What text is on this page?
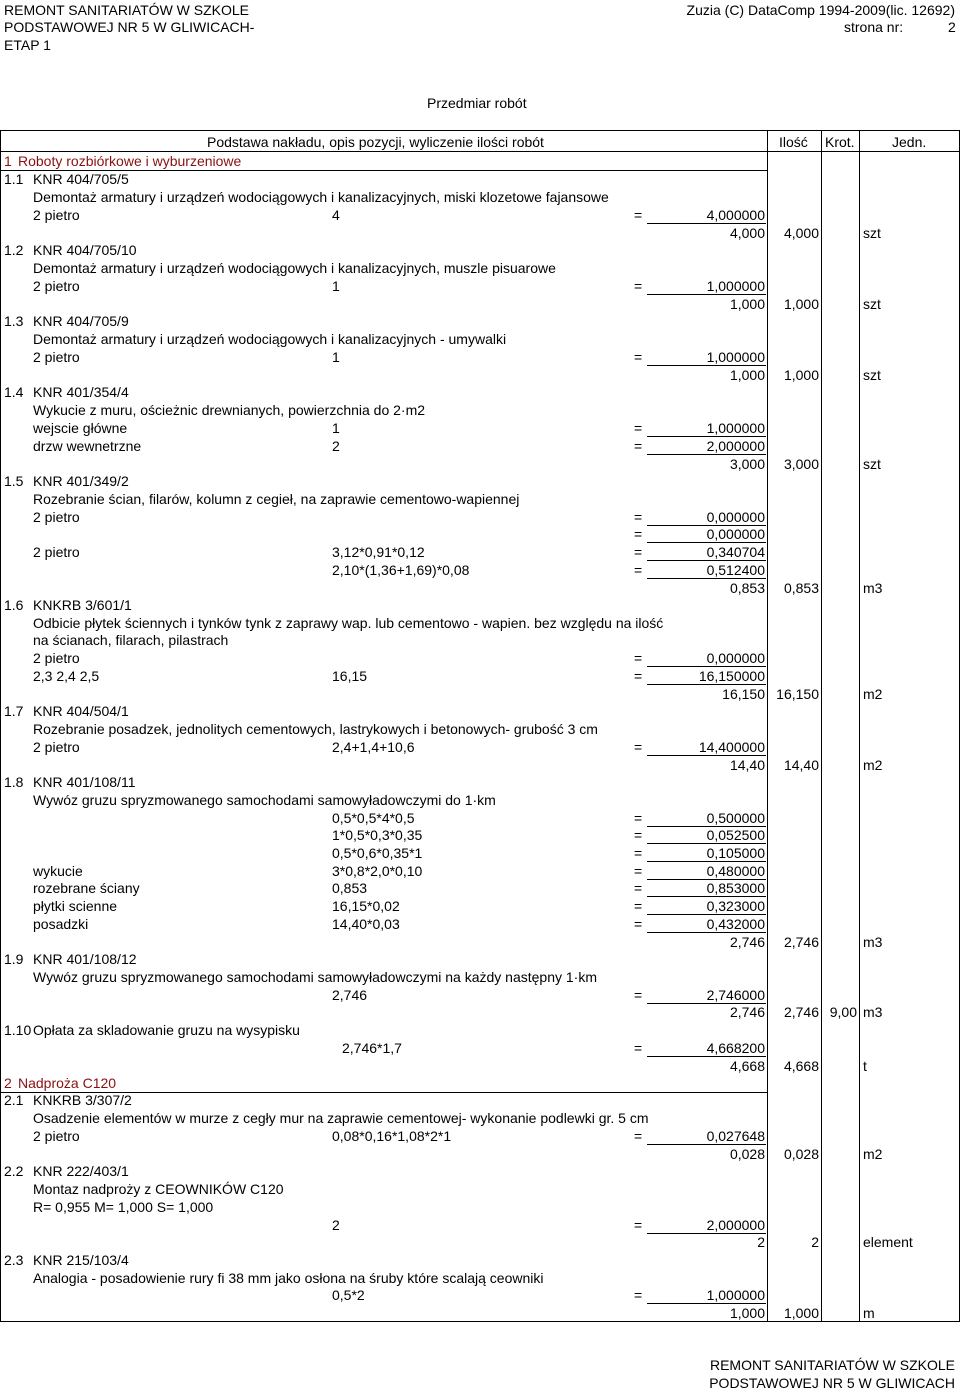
REMONT SANITARIATÓW W SZKOLE
PODSTAWOWEJ NR 5 W GLIWICACH-
ETAP 1
Zuzia (C) DataComp 1994-2009(lic. 12692)
strona nr:	2
Przedmiar robót
Podstawa nakładu, opis pozycji, wyliczenie ilości robót	Ilość Krot.	Jedn.
1 Roboty rozbiórkowe i wyburzeniowe
1.1 KNR 404/705/5
Demontaż armatury i urządzeń wodociągowych i kanalizacyjnych, miski klozetowe fajansowe
2 pietro	4	=	4,000000
4,000 4,000	szt
1.2 KNR 404/705/10
Demontaż armatury i urządzeń wodociągowych i kanalizacyjnych, muszle pisuarowe
2 pietro	1	=	1,000000
1,000 1,000	szt
1.3 KNR 404/705/9
Demontaż armatury i urządzeń wodociągowych i kanalizacyjnych - umywalki
2 pietro	1	=	1,000000
1,000 1,000	szt
1.4 KNR 401/354/4
Wykucie z muru, ościeżnic drewnianych, powierzchnia do 2·m2
wejscie główne	1	=	1,000000
drzw wewnetrzne	2	=	2,000000
3,000 3,000	szt
1.5 KNR 401/349/2
Rozebranie ścian, filarów, kolumn z cegieł, na zaprawie cementowo-wapiennej
2 pietro	=	0,000000
=	0,000000
2 pietro	3,12*0,91*0,12	=	0,340704
2,10*(1,36+1,69)*0,08	=	0,512400
0,853 0,853	m3
1.6 KNKRB 3/601/1
Odbicie płytek ściennych i tynków tynk z zaprawy wap. lub cementowo - wapien. bez względu na ilość
na ścianach, filarach, pilastrach
2 pietro	=	0,000000
2,3 2,4 2,5	16,15	=	16,150000
16,150 16,150	m2
1.7 KNR 404/504/1
Rozebranie posadzek, jednolitych cementowych, lastrykowych i betonowych- grubość 3 cm
2 pietro	2,4+1,4+10,6	=	14,400000
14,40 14,40	m2
1.8 KNR 401/108/11
Wywóz gruzu spryzmowanego samochodami samowyładowczymi do 1·km
0,5*0,5*4*0,5	=	0,500000
1*0,5*0,3*0,35	=	0,052500
0,5*0,6*0,35*1	=	0,105000
wykucie	3*0,8*2,0*0,10	=	0,480000
rozebrane ściany	0,853	=	0,853000
płytki scienne	16,15*0,02	=	0,323000
posadzki	14,40*0,03	=	0,432000
2,746 2,746	m3
1.9 KNR 401/108/12
Wywóz gruzu spryzmowanego samochodami samowyładowczymi na każdy następny 1·km
2,746	=	2,746000
2,746 2,746 9,00 m3
1.10 Opłata za skladowanie gruzu na wysypisku
2,746*1,7	=	4,668200
4,668 4,668	t
2 Nadproża C120
2.1 KNKRB 3/307/2
Osadzenie elementów w murze z cegły mur na zaprawie cementowej- wykonanie podlewki gr. 5 cm
2 pietro	0,08*0,16*1,08*2*1	=	0,027648
0,028 0,028	m2
2.2 KNR 222/403/1
Montaz nadproży z CEOWNIKÓW C120
R= 0,955 M= 1,000 S= 1,000
2	=	2,000000
2	2	element
2.3 KNR 215/103/4
Analogia - posadowienie rury fi 38 mm jako osłona na śruby które scalają ceowniki
0,5*2	=	1,000000
1,000 1,000	m
REMONT SANITARIATÓW W SZKOLE
PODSTAWOWEJ NR 5 W GLIWICACH
